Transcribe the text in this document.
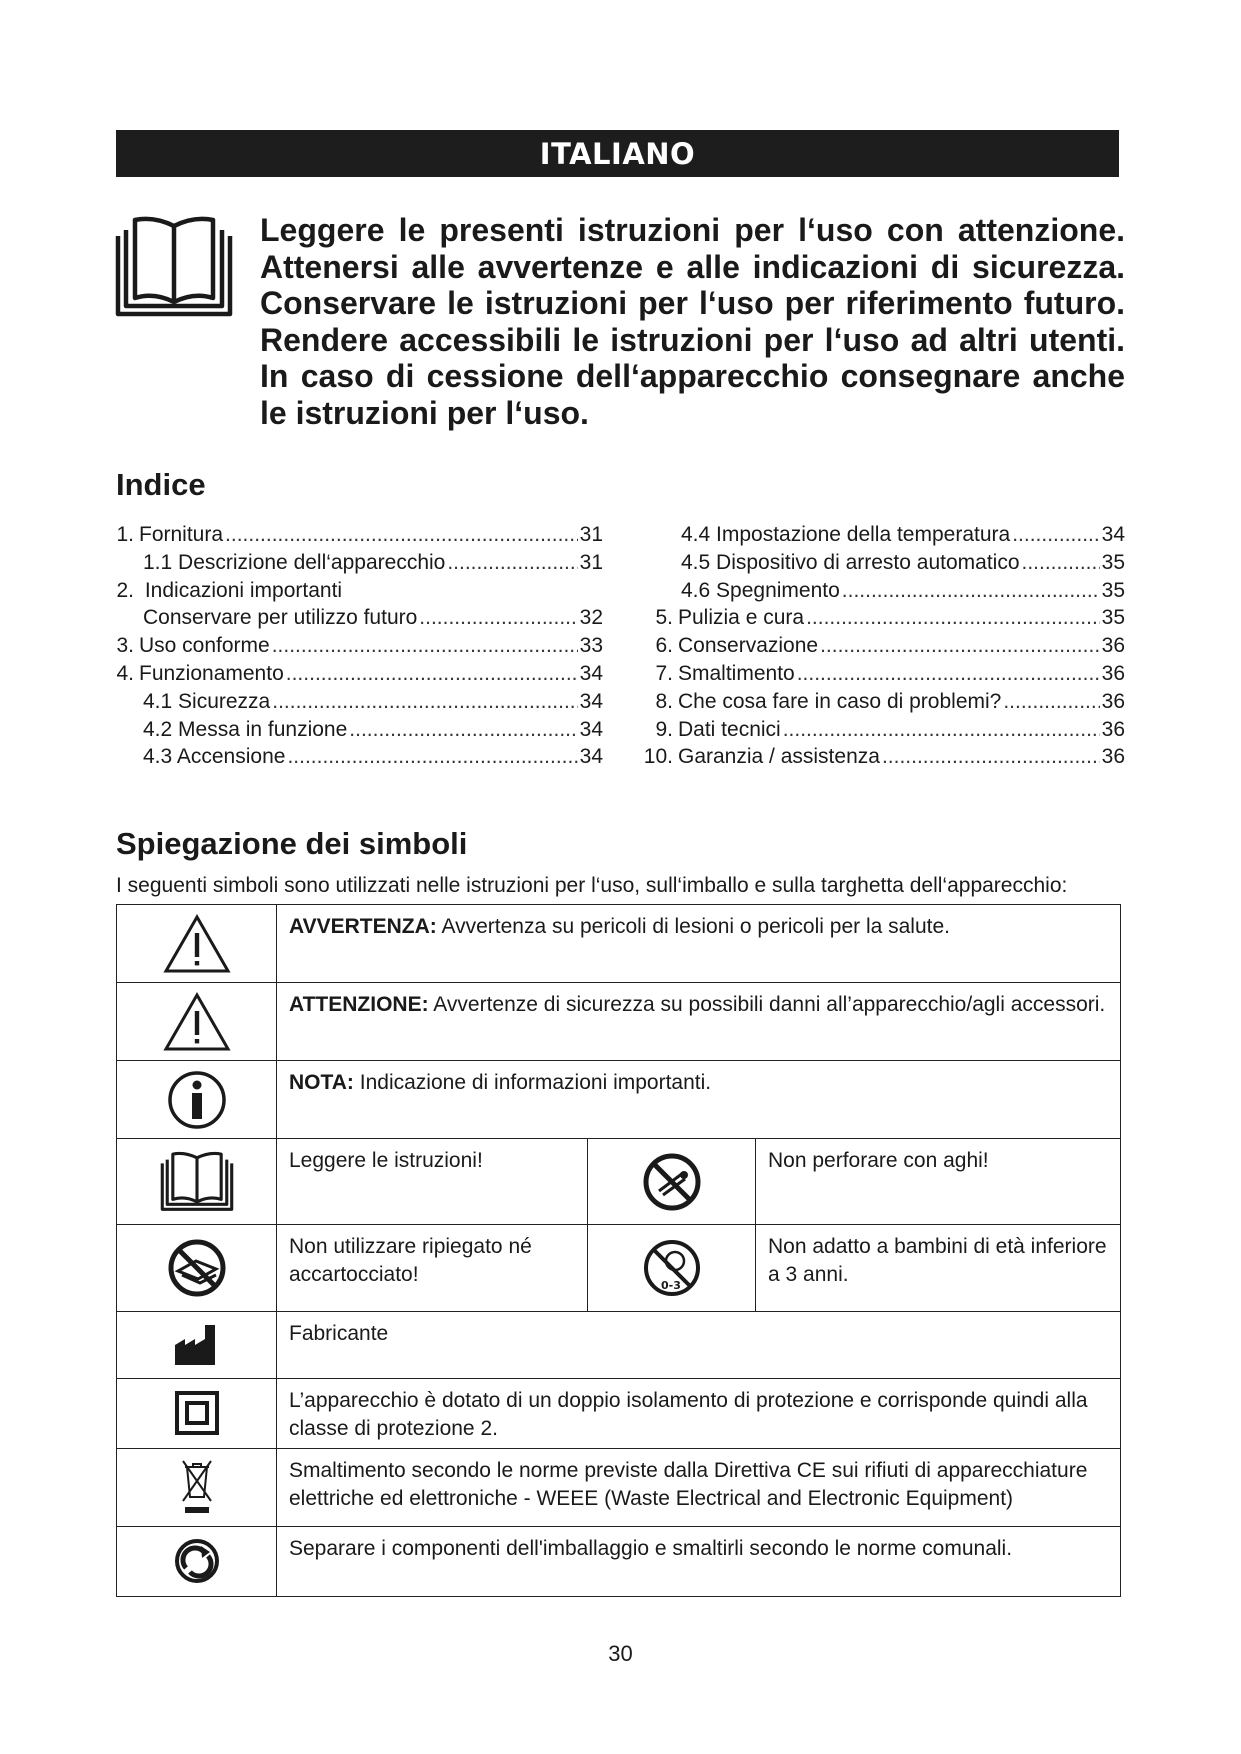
ITALIANO

Leggere le presenti istruzioni per l‘uso con attenzione. Attenersi alle avvertenze e alle indicazioni di sicurezza. Conservare le istruzioni per l‘uso per riferimento futuro. Rendere accessibili le istruzioni per l‘uso ad altri utenti. In caso di cessione dell‘apparecchio consegnare anche le istruzioni per l‘uso.

Indice
1. Fornitura .....	31
1.1 Descrizione dell‘apparecchio .....	31
2. Indicazioni importanti
Conservare per utilizzo futuro .....	32
3. Uso conforme .....	33
4. Funzionamento .....	34
4.1 Sicurezza .....	34
4.2 Messa in funzione .....	34
4.3 Accensione .....	34
4.4 Impostazione della temperatura .....	34
4.5 Dispositivo di arresto automatico .....	35
4.6 Spegnimento .....	35
5. Pulizia e cura .....	35
6. Conservazione .....	36
7. Smaltimento .....	36
8. Che cosa fare in caso di problemi? .....	36
9. Dati tecnici .....	36
10. Garanzia / assistenza .....	36
Spiegazione dei simboli

I seguenti simboli sono utilizzati nelle istruzioni per l‘uso, sull‘imballo e sulla targhetta dell‘apparecchio:

	AVVERTENZA: Avvertenza su pericoli di lesioni o pericoli per la salute.		

	ATTENZIONE: Avvertenze di sicurezza su possibili danni all’apparecchio/agli accessori.		

	NOTA: Indicazione di informazioni importanti.		

	Leggere le istruzioni!		Non perforare con aghi!

	Non utilizzare ripiegato né accartocciato!	0-3	Non adatto a bambini di età inferiore a 3 anni.

	Fabricante		

	L’apparecchio è dotato di un doppio isolamento di protezione e corrisponde quindi alla classe di protezione 2.		

	Smaltimento secondo le norme previste dalla Direttiva CE sui rifiuti di apparecchiature elettriche ed elettroniche - WEEE (Waste Electrical and Electronic Equipment)		

	Separare i componenti dell'imballaggio e smaltirli secondo le norme comunali.		

30
